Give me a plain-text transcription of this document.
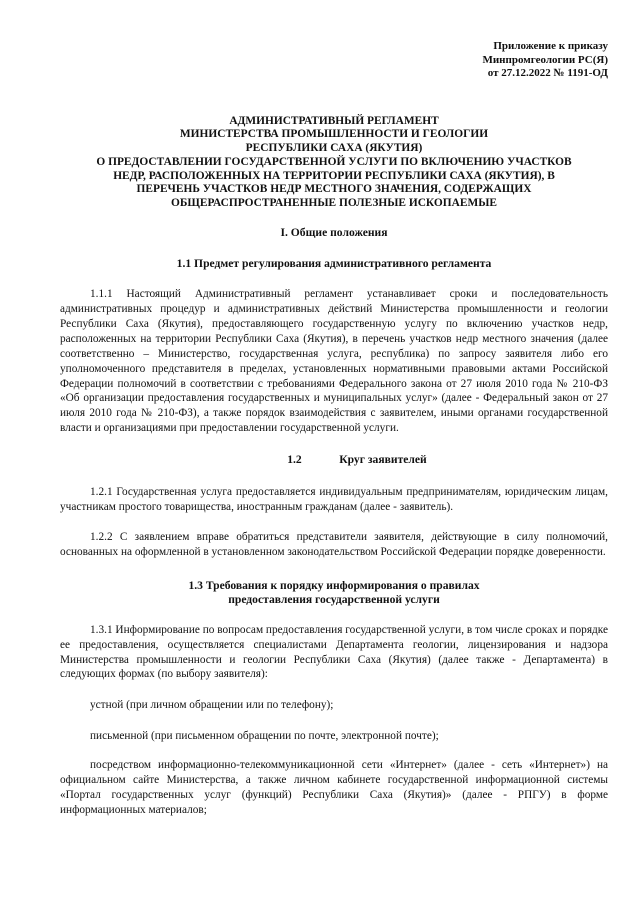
Приложение к приказу
Минпромгеологии РС(Я)
от 27.12.2022 № 1191-ОД
АДМИНИСТРАТИВНЫЙ РЕГЛАМЕНТ
МИНИСТЕРСТВА ПРОМЫШЛЕННОСТИ И ГЕОЛОГИИ
РЕСПУБЛИКИ САХА (ЯКУТИЯ)
О ПРЕДОСТАВЛЕНИИ ГОСУДАРСТВЕННОЙ УСЛУГИ ПО ВКЛЮЧЕНИЮ УЧАСТКОВ
НЕДР, РАСПОЛОЖЕННЫХ НА ТЕРРИТОРИИ РЕСПУБЛИКИ САХА (ЯКУТИЯ), В
ПЕРЕЧЕНЬ УЧАСТКОВ НЕДР МЕСТНОГО ЗНАЧЕНИЯ, СОДЕРЖАЩИХ
ОБЩЕРАСПРОСТРАНЕННЫЕ ПОЛЕЗНЫЕ ИСКОПАЕМЫЕ
I. Общие положения
1.1 Предмет регулирования административного регламента

1.1.1 Настоящий Административный регламент устанавливает сроки и последовательность административных процедур и административных действий Министерства промышленности и геологии Республики Саха (Якутия), предоставляющего государственную услугу по включению участков недр, расположенных на территории Республики Саха (Якутия), в перечень участков недр местного значения (далее соответственно – Министерство, государственная услуга, республика) по запросу заявителя либо его уполномоченного представителя в пределах, установленных нормативными правовыми актами Российской Федерации полномочий в соответствии с требованиями Федерального закона от 27 июля 2010 года № 210-ФЗ «Об организации предоставления государственных и муниципальных услуг» (далее - Федеральный закон от 27 июля 2010 года № 210-ФЗ), а также порядок взаимодействия с заявителем, иными органами государственной власти и организациями при предоставлении государственной услуги.

1.2	Круг заявителей

1.2.1 Государственная услуга предоставляется индивидуальным предпринимателям, юридическим лицам, участникам простого товарищества, иностранным гражданам (далее - заявитель).

1.2.2 С заявлением вправе обратиться представители заявителя, действующие в силу полномочий, основанных на оформленной в установленном законодательством Российской Федерации порядке доверенности.

1.3 Требования к порядку информирования о правилах
предоставления государственной услуги

1.3.1 Информирование по вопросам предоставления государственной услуги, в том числе сроках и порядке ее предоставления, осуществляется специалистами Департамента геологии, лицензирования и надзора Министерства промышленности и геологии Республики Саха (Якутия) (далее также - Департамента) в следующих формах (по выбору заявителя):

устной (при личном обращении или по телефону);

письменной (при письменном обращении по почте, электронной почте);

посредством информационно-телекоммуникационной сети «Интернет» (далее - сеть «Интернет») на официальном сайте Министерства, а также личном кабинете государственной информационной системы «Портал государственных услуг (функций) Республики Саха (Якутия)» (далее - РПГУ) в форме информационных материалов;
